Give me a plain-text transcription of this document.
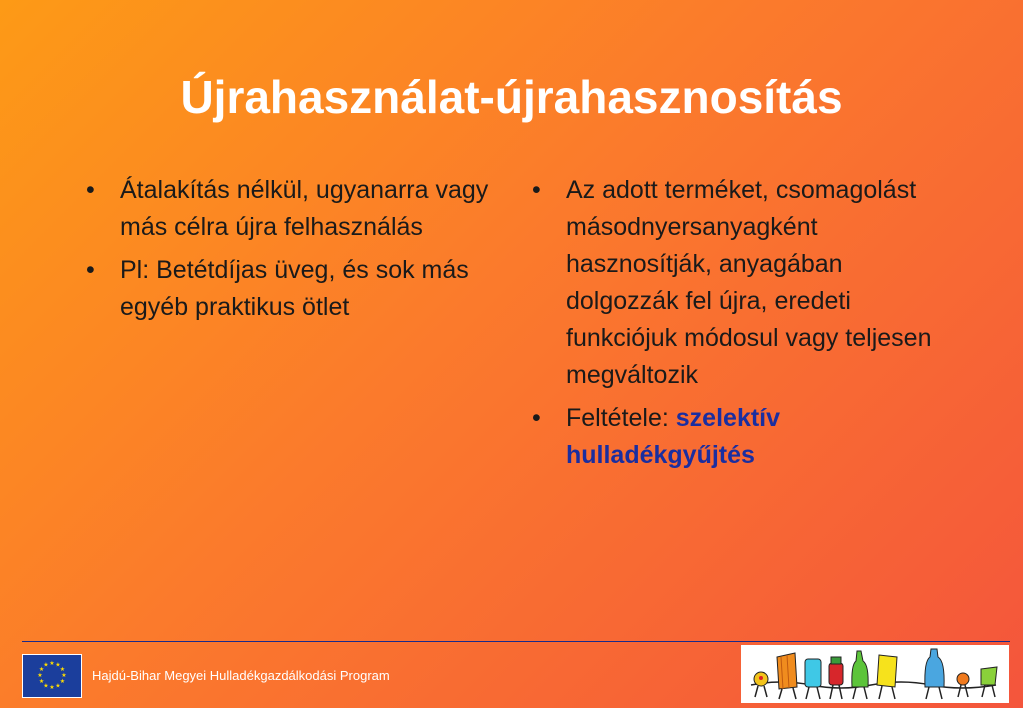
Újrahasználat-újrahasznosítás
•	Átalakítás nélkül, ugyanarra vagy más célra újra felhasználás
•	Pl: Betétdíjas üveg, és sok más egyéb praktikus ötlet
•	Az adott terméket, csomagolást másodnyersanyagként hasznosítják, anyagában dolgozzák fel újra, eredeti funkciójuk módosul vagy teljesen megváltozik
•	Feltétele: szelektív hulladékgyűjtés
★ ★
★
★
★
★
★
★
★
★
★
★
Hajdú-Bihar Megyei Hulladékgazdálkodási Program
